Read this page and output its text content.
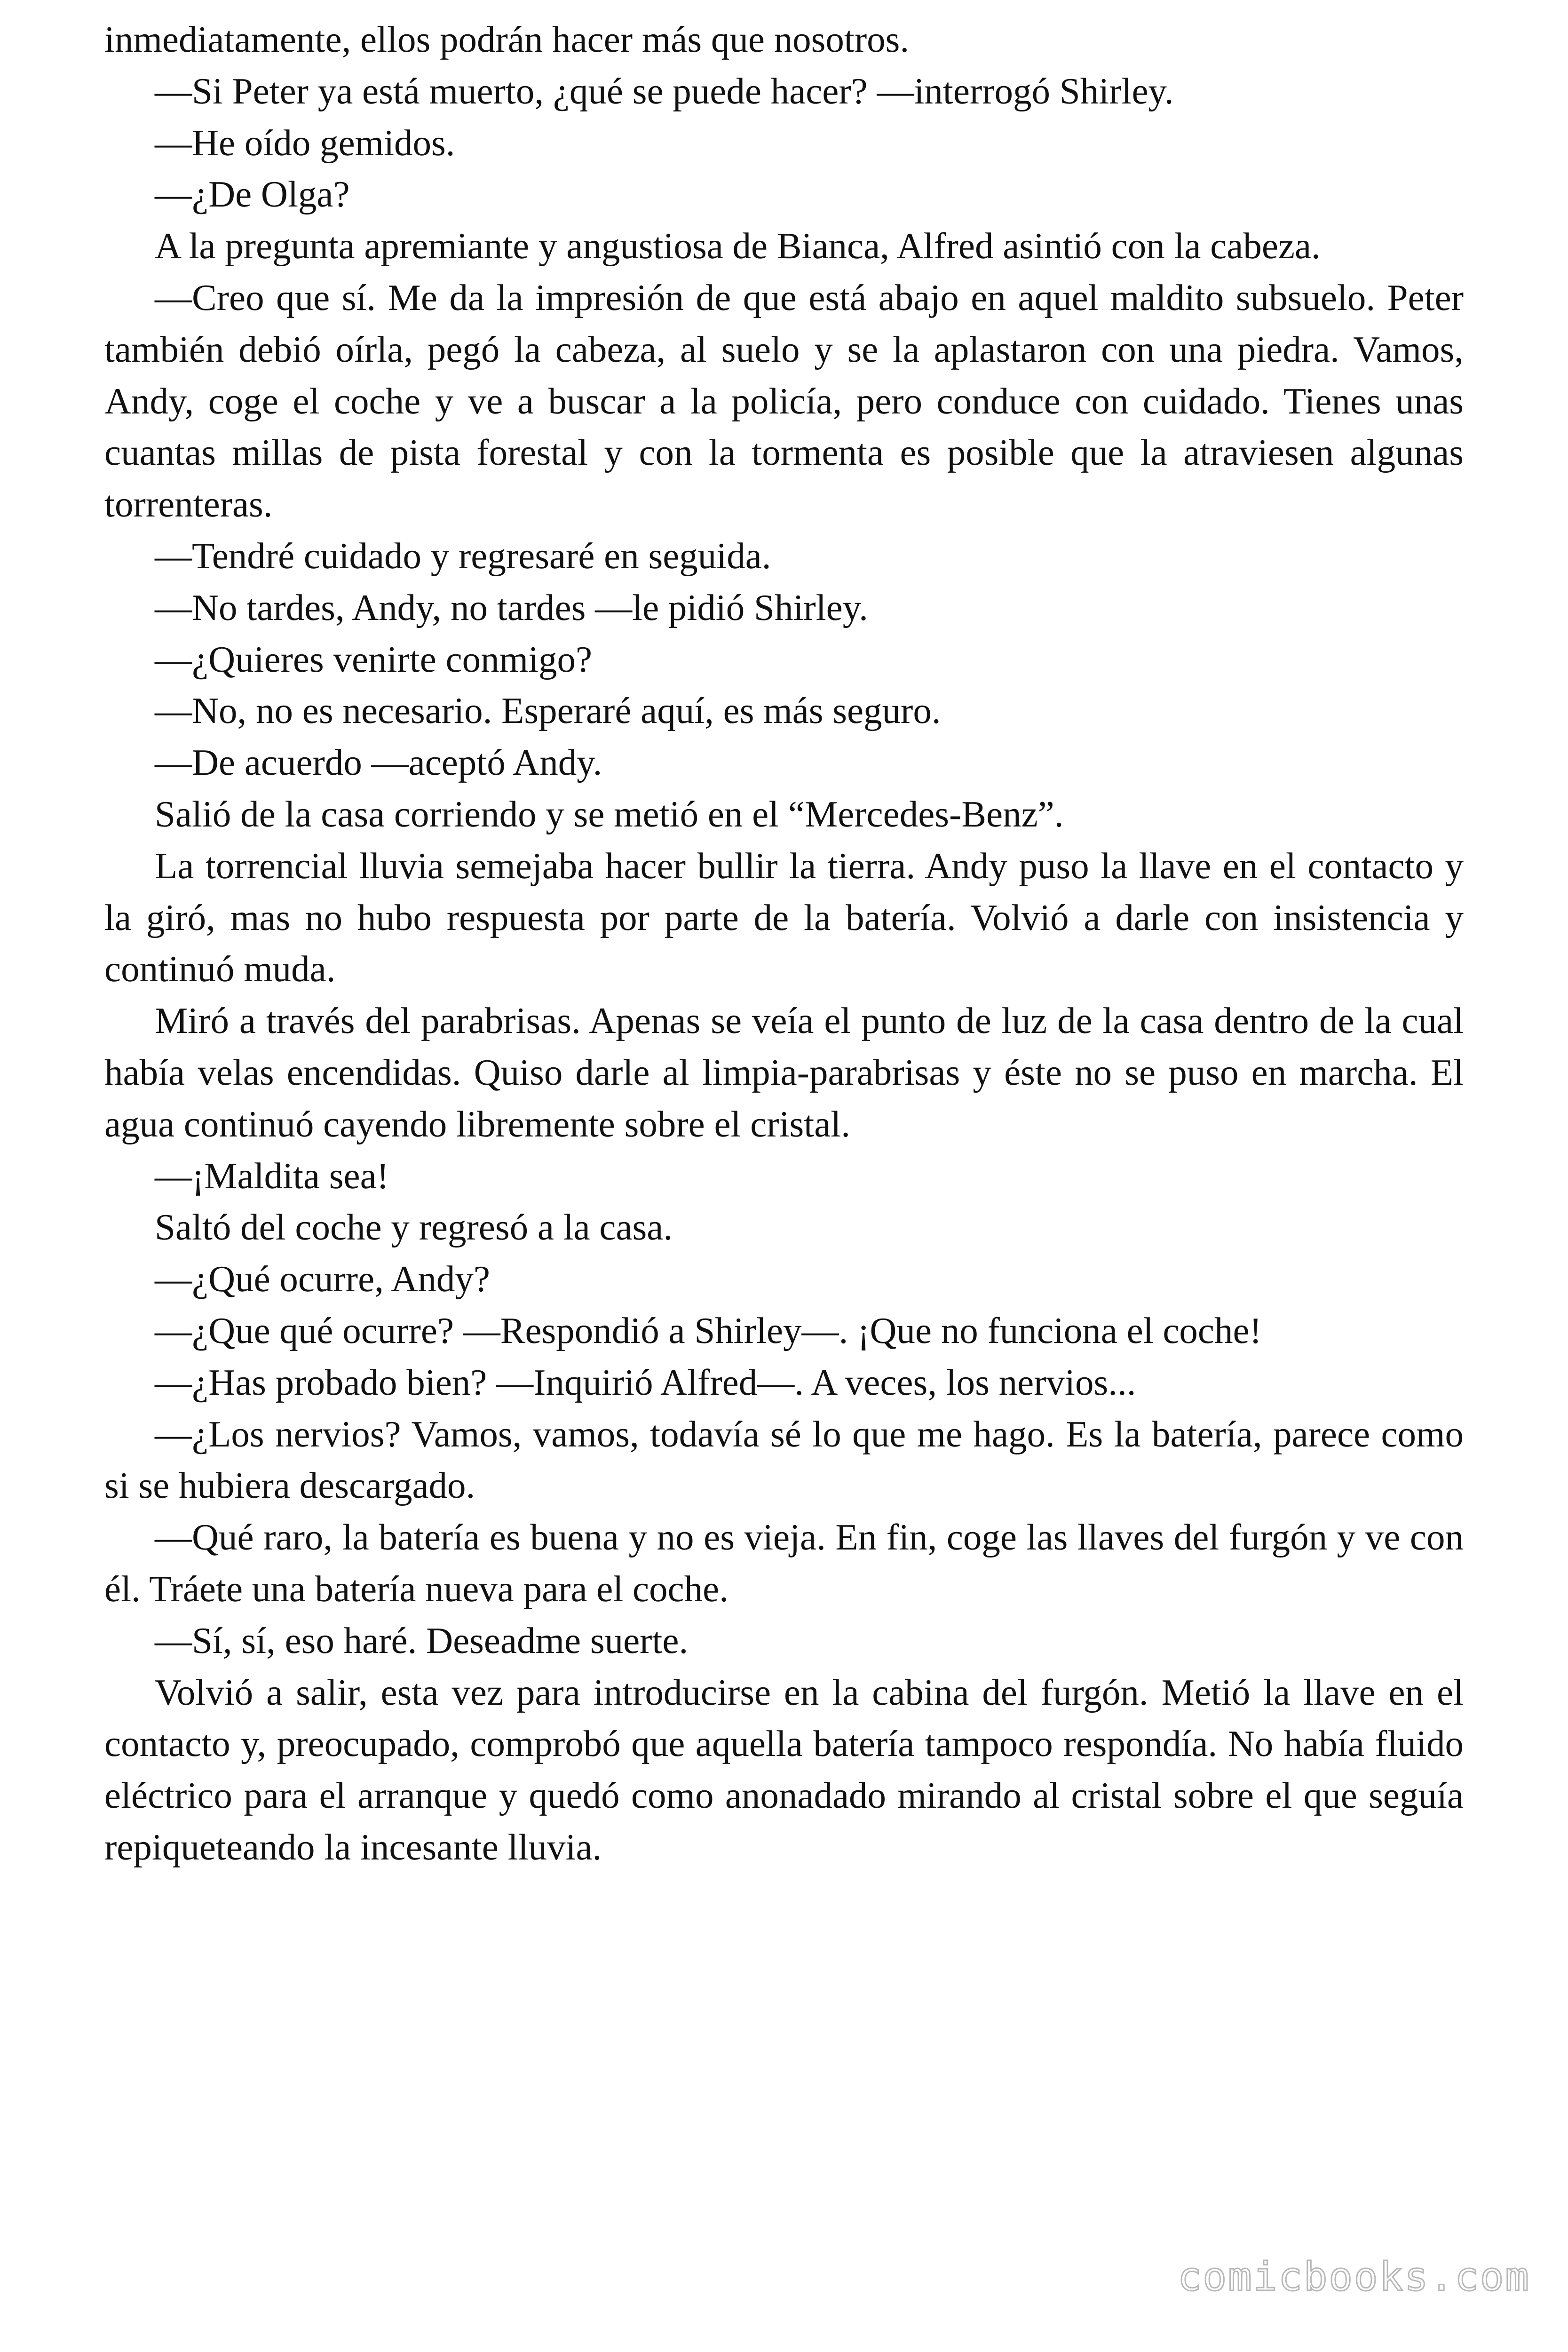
inmediatamente, ellos podrán hacer más que nosotros.

—Si Peter ya está muerto, ¿qué se puede hacer? —interrogó Shirley.

—He oído gemidos.

—¿De Olga?

A la pregunta apremiante y angustiosa de Bianca, Alfred asintió con la cabeza.

—Creo que sí. Me da la impresión de que está abajo en aquel maldito subsuelo. Peter también debió oírla, pegó la cabeza, al suelo y se la aplastaron con una piedra. Vamos, Andy, coge el coche y ve a buscar a la policía, pero conduce con cuidado. Tienes unas cuantas millas de pista forestal y con la tormenta es posible que la atraviesen algunas torrenteras.

—Tendré cuidado y regresaré en seguida.

—No tardes, Andy, no tardes —le pidió Shirley.

—¿Quieres venirte conmigo?

—No, no es necesario. Esperaré aquí, es más seguro.

—De acuerdo —aceptó Andy.

Salió de la casa corriendo y se metió en el “Mercedes-Benz”.

La torrencial lluvia semejaba hacer bullir la tierra. Andy puso la llave en el contacto y la giró, mas no hubo respuesta por parte de la batería. Volvió a darle con insistencia y continuó muda.

Miró a través del parabrisas. Apenas se veía el punto de luz de la casa dentro de la cual había velas encendidas. Quiso darle al limpia-parabrisas y éste no se puso en marcha. El agua continuó cayendo libremente sobre el cristal.

—¡Maldita sea!

Saltó del coche y regresó a la casa.

—¿Qué ocurre, Andy?

—¿Que qué ocurre? —Respondió a Shirley—. ¡Que no funciona el coche!

—¿Has probado bien? —Inquirió Alfred—. A veces, los nervios...

—¿Los nervios? Vamos, vamos, todavía sé lo que me hago. Es la batería, parece como si se hubiera descargado.

—Qué raro, la batería es buena y no es vieja. En fin, coge las llaves del furgón y ve con él. Tráete una batería nueva para el coche.

—Sí, sí, eso haré. Deseadme suerte.

Volvió a salir, esta vez para introducirse en la cabina del furgón. Metió la llave en el contacto y, preocupado, comprobó que aquella batería tampoco respondía. No había fluido eléctrico para el arranque y quedó como anonadado mirando al cristal sobre el que seguía repiqueteando la incesante lluvia.

comicbooks.com
